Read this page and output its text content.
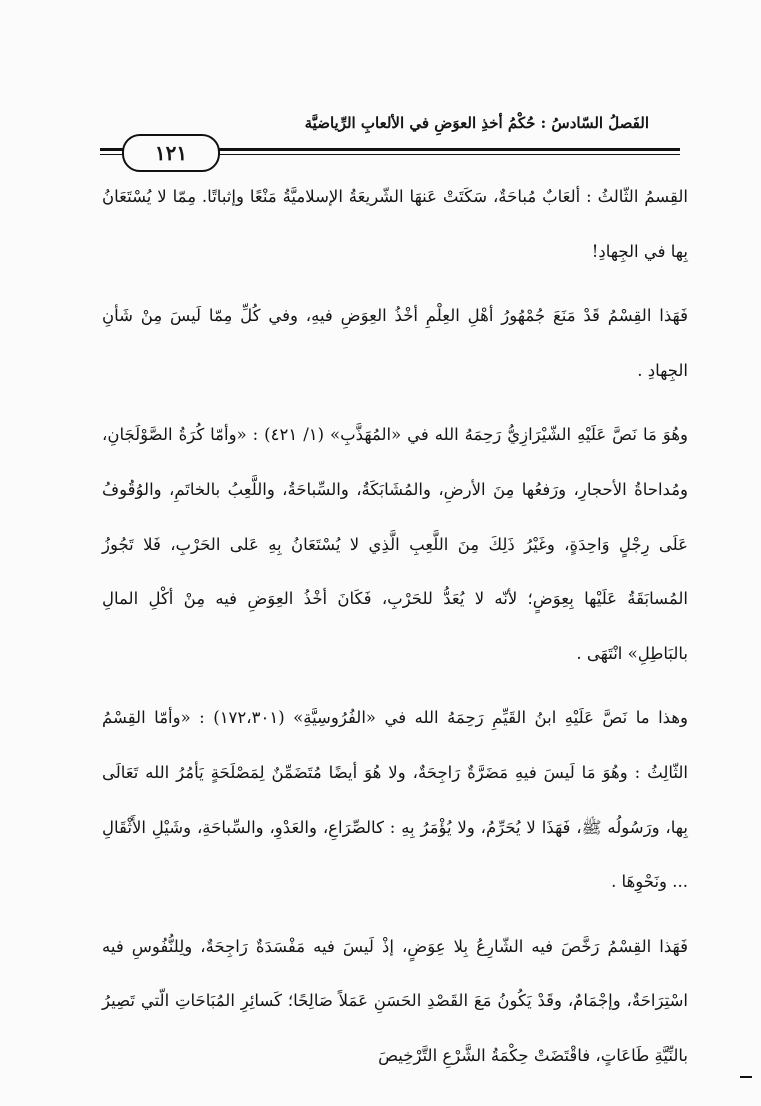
الفَصلُ السّادسُ : حُكْمُ أخذِ العوَضِ في الألعابِ الرِّياضيَّة
١٢١

القِسمُ الثّالثُ : ألعَابٌ مُباحَةٌ، سَكَتَتْ عَنهَا الشّريعَةُ الإسلاميَّةُ مَنْعًا وإثباتًا. مِمّا لا يُسْتَعَانُ بِها في الجِهادِ!

فَهَذا القِسْمُ قَدْ مَنَعَ جُمْهُورُ أهْلِ العِلْمِ أخْذُ العِوَضِ فيهِ، وفي كُلِّ مِمّا لَيسَ مِنْ شَأنِ الجِهادِ .

وهُوَ مَا نَصَّ عَلَيْهِ الشّيْرَازِيُّ رَحِمَهُ الله في «المُهَذَّبِ» (١/ ٤٢١) : «وأمّا كُرَةُ الصَّوْلَجَانِ، ومُداحاةُ الأحجارِ، ورَفعُها مِنَ الأرضِ، والمُشَابَكَةُ، والسِّباحَةُ، واللَّعِبُ بالخاتَمِ، والوُقُوفُ عَلَى رِجْلٍ وَاحِدَةٍ، وغَيْرُ ذَلِكَ مِنَ اللَّعِبِ الَّذِي لا يُسْتَعَانُ بِهِ عَلى الحَرْبِ، فَلا تَجُوزُ المُسابَقَةُ عَلَيْها بِعِوَضٍ؛ لأنّه لا يُعَدُّ للحَرْبِ، فَكَانَ أخْذُ العِوَضِ فيه مِنْ أكْلِ المالِ بالبَاطِلِ» انْتَهَى .

وهذا ما نَصَّ عَلَيْهِ ابنُ القَيِّمِ رَحِمَهُ الله في «الفُرُوسِيَّةِ» (١٧٢،٣٠١) : «وأمّا القِسْمُ الثّالِثُ : وهُوَ مَا لَيسَ فيهِ مَضَرَّةٌ رَاجِحَةٌ، ولا هُوَ أيضًا مُتَضَمِّنٌ لِمَصْلَحَةٍ يَأمُرُ الله تَعَالَى بِها، ورَسُولُه ﷺ، فَهَذَا لا يُحَرِّمُ، ولا يُؤْمَرُ بِهِ : كالصِّرَاعِ، والعَدْوِ، والسِّباحَةِ، وشَيْلِ الأَثْقَالِ ... ونَحْوِهَا .

فَهَذا القِسْمُ رَخَّصَ فيه الشّارِعُ بِلا عِوَضٍ، إذْ لَيسَ فيه مَفْسَدَةٌ رَاجِحَةٌ، ولِلنُّفُوسِ فيه اسْتِرَاحَةٌ، وإجْمَامٌ، وقَدْ يَكُونُ مَعَ القَصْدِ الحَسَنِ عَمَلاً صَالِحًا؛ كَسائِرِ المُبَاحَاتِ الّتي تَصِيرُ بالنِّيَّةِ طَاعَاتٍ، فاقْتَضَتْ حِكْمَةُ الشَّرْعِ التَّرْخِيصَ
